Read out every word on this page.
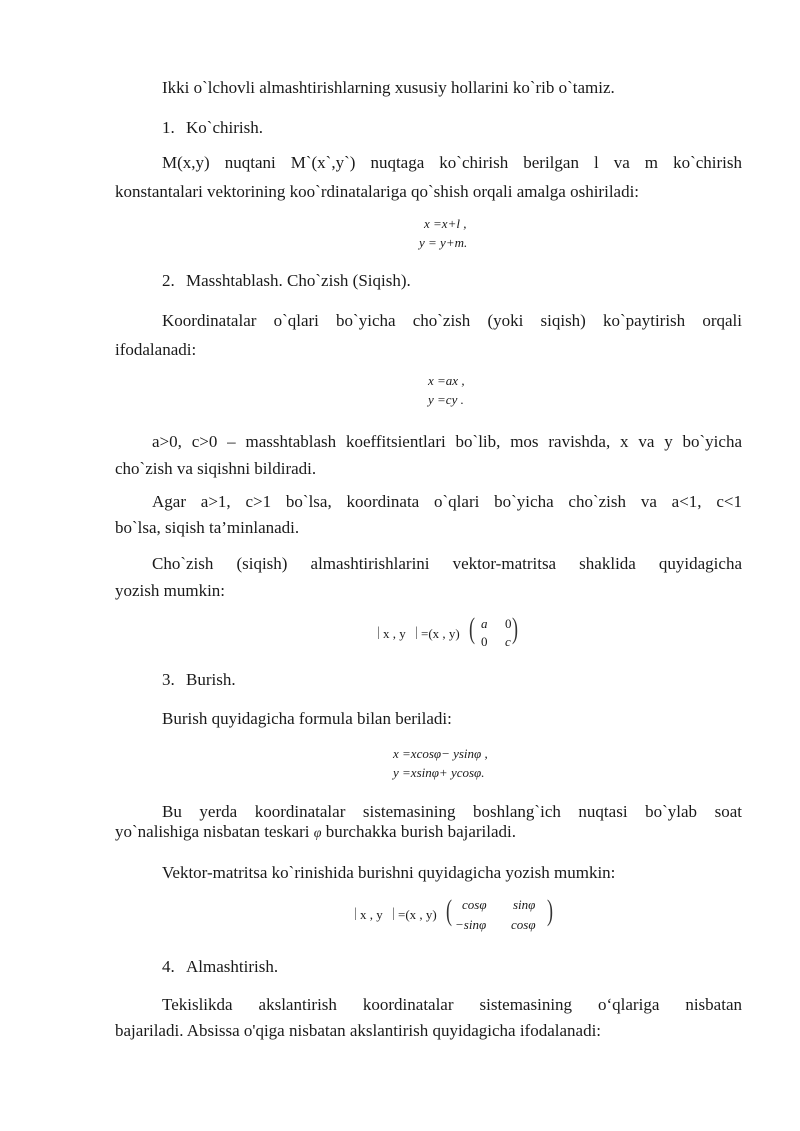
Ikki o`lchovli almashtirishlarning xususiy hollarini ko`rib o`tamiz.
1. Ko`chirish.
M(x,y) nuqtani M`(x`,y`) nuqtaga ko`chirish berilgan l va m ko`chirish
konstantalari vektorining koo`rdinatalariga qo`shish orqali amalga oshiriladi:
x =x+l ,
y = y+m.
2. Masshtablash. Cho`zish (Siqish).
Koordinatalar o`qlari bo`yicha cho`zish (yoki siqish) ko`paytirish orqali
ifodalanadi:
x =ax ,
y =cy .
a>0, c>0 – masshtablash koeffitsientlari bo`lib, mos ravishda, x va y bo`yicha
cho`zish va siqishni bildiradi.
Agar a>1, c>1 bo`lsa, koordinata o`qlari bo`yicha cho`zish va a<1, c<1
bo`lsa, siqish ta’minlanadi.
Cho`zish (siqish) almashtirishlarini vektor-matritsa shaklida quyidagicha
yozish mumkin:
| x , y | =(x , y) ( a 0
0 c )
3. Burish.
Burish quyidagicha formula bilan beriladi:
x =xcosφ− ysinφ ,
y =xsinφ+ ycosφ.
Bu yerda koordinatalar sistemasining boshlang`ich nuqtasi bo`ylab soat
yo`nalishiga nisbatan teskari φ burchakka burish bajariladi.
Vektor-matritsa ko`rinishida burishni quyidagicha yozish mumkin:
| x , y | =(x , y) ( cosφ sinφ
−sinφ cosφ )
4. Almashtirish.
Tekislikda akslantirish koordinatalar sistemasining o‘qlariga nisbatan
bajariladi. Absissa o'qiga nisbatan akslantirish quyidagicha ifodalanadi:
